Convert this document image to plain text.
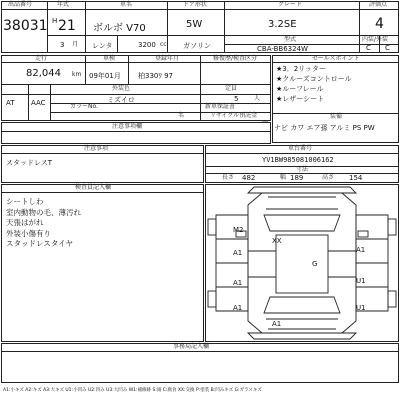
出品番号
38031
年式
H 21
3 月
車名
ボルボ V70
ドア形状
5W
グレード
3.2SE
評価点
4
レンタ	3200 cc ガソリン
型式
CBA-BB6324W
内装/外装
C C
走行
82,044 km
車検
09年01月
登録年月
柏330ﾜ 97
修復歴/検査区分
AT AAC
外装色
ミズイロ
定員
5	人
カラーNo.	新車保証書
リサイクル預託金
名
セールスポイント
★3．2リッター
★クルーズコントロール
★ルーフレール
★レザーシート
装備
ナビ カワ エア孫 アルミ PS PW
注意事項欄
車台番号
YV1BW985081006162
寸法
長さ 482	幅 189	高さ 154
注意事項
スタッドレスT
検査員記入欄
シートしわ
室内動物の毛、薄汚れ
天張はがれ
外装小傷有り
スタッドレスタイヤ
M2
XX
G
A1
A1
A1
U1
A1
A1
U1
事務局記入欄
A1:小キズ A2:キズ A3:大キズ U1:小凹み U2:凹み U3:大凹み W1:補修跡 S:錆 C:腐食 XX:交換 P:塗装 B:凹みキズ G:ガラスキズ
